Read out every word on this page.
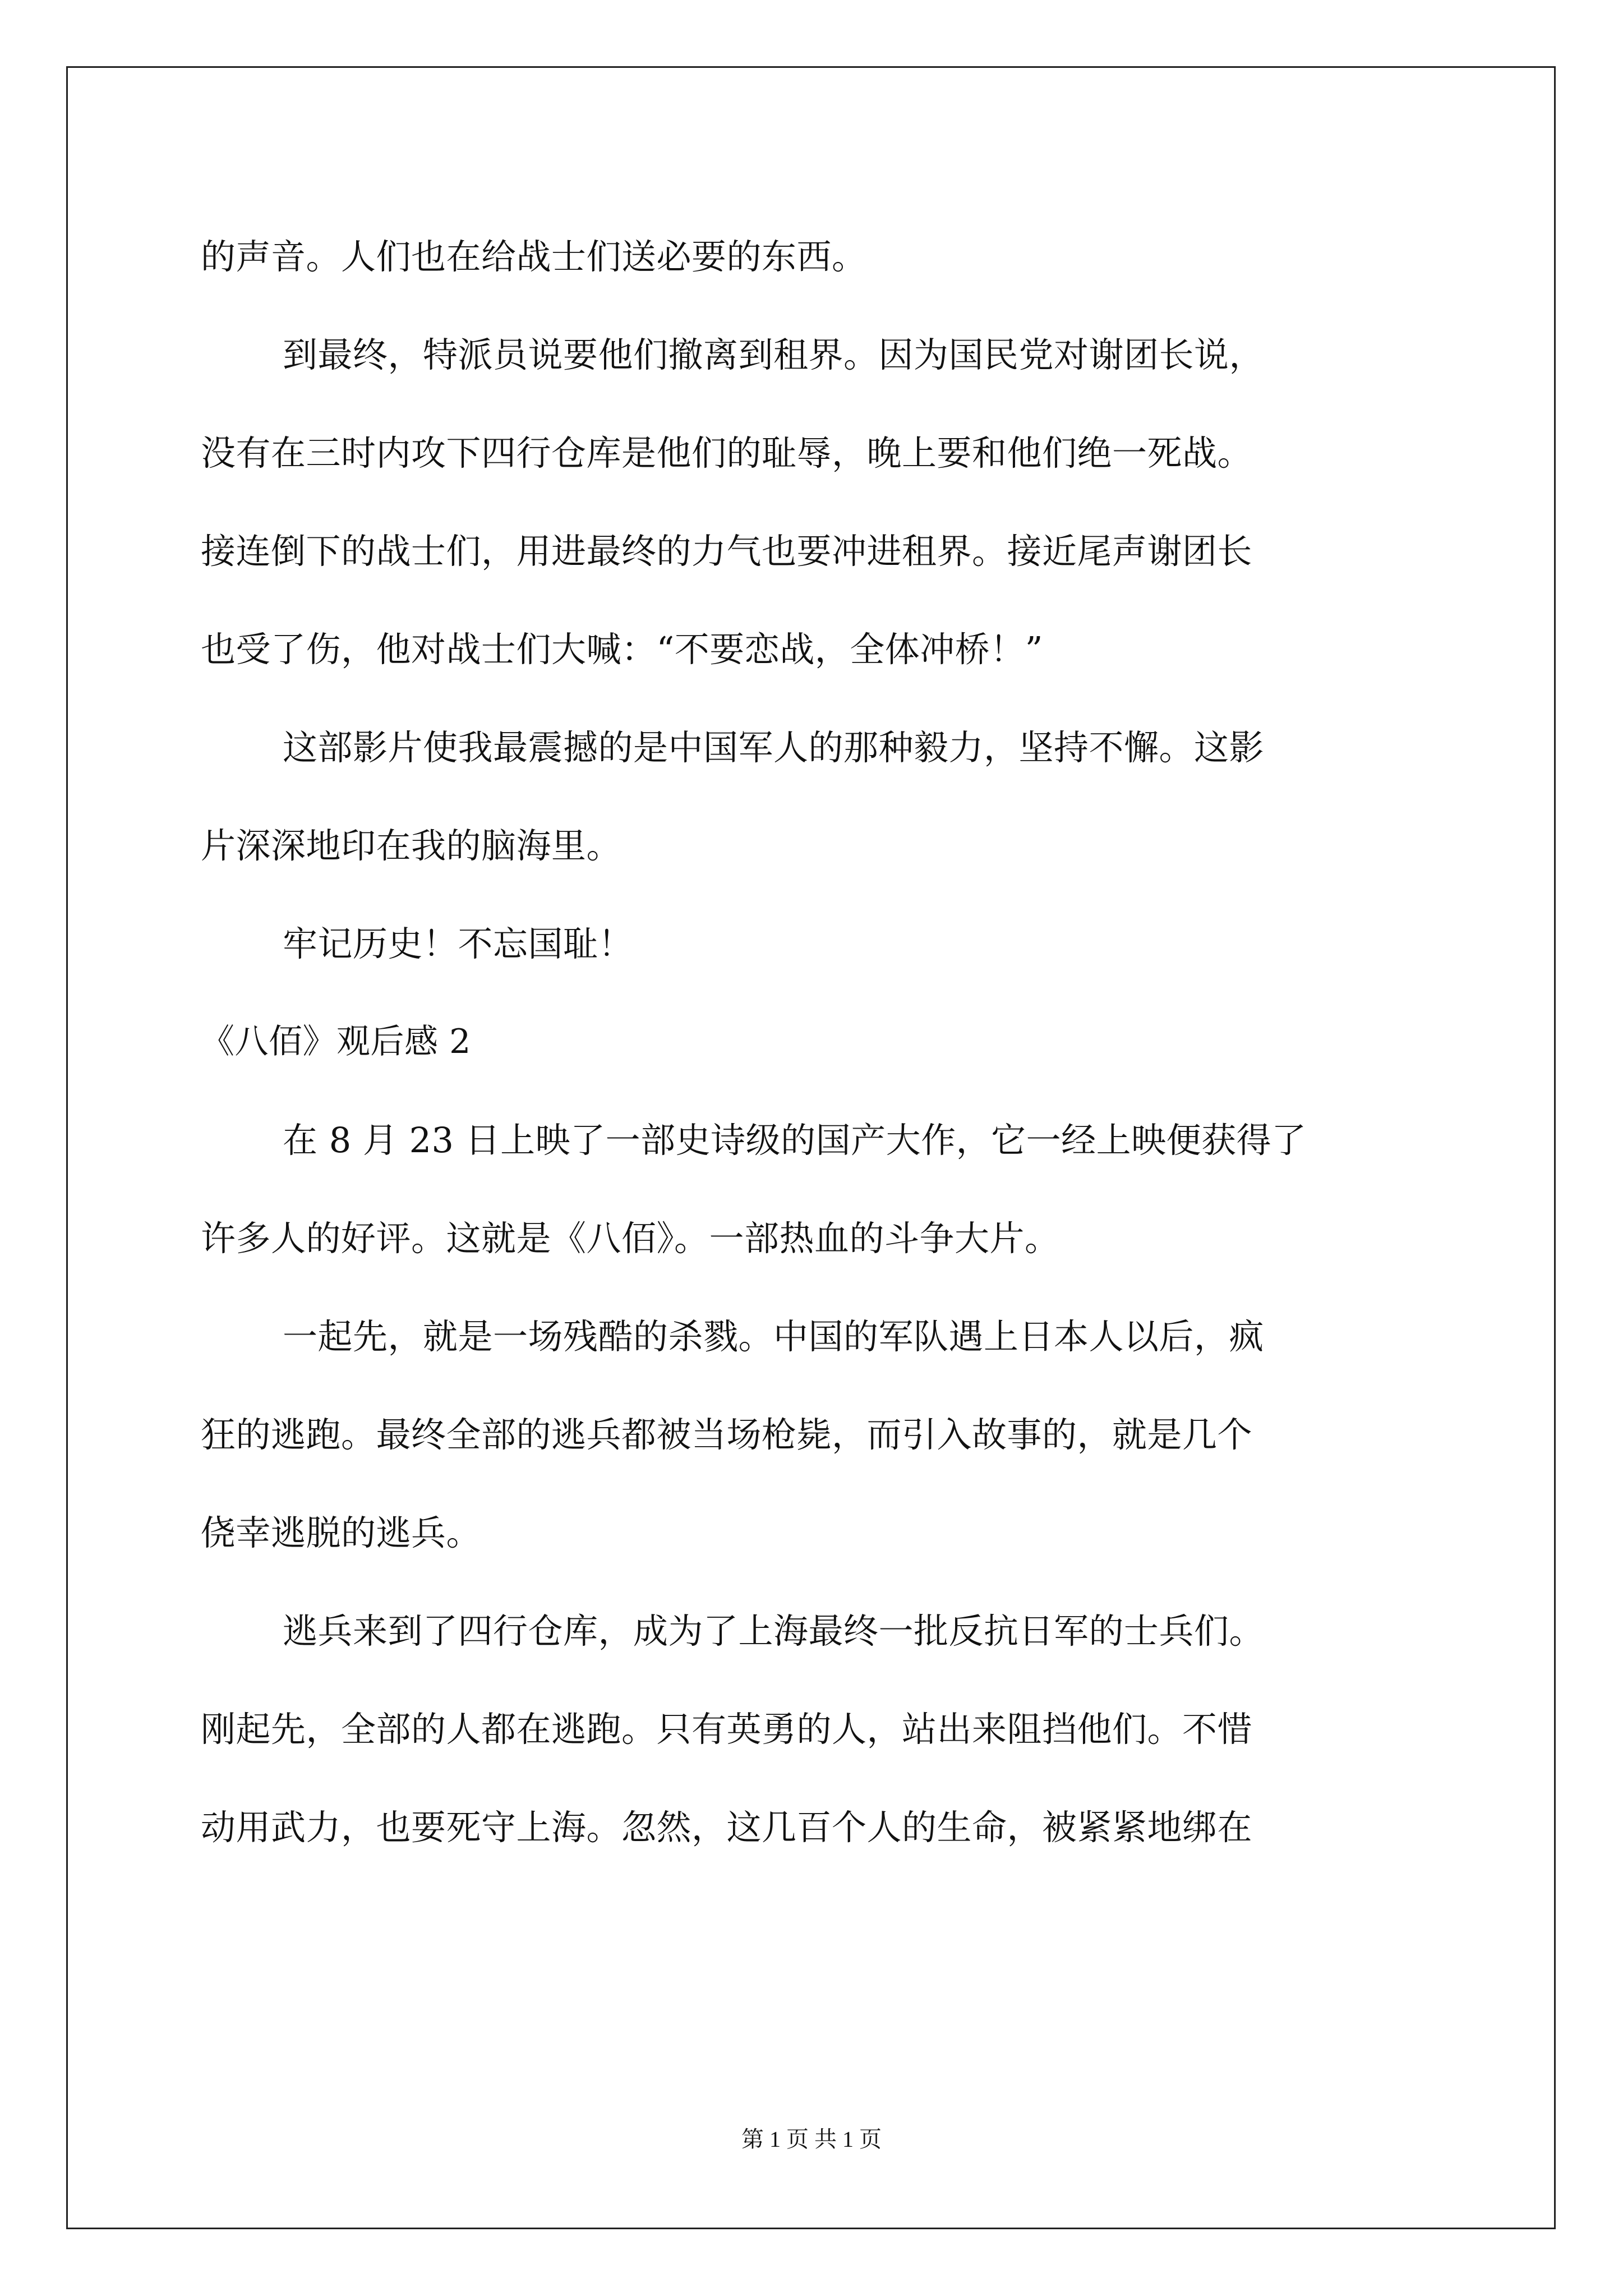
的声音。人们也在给战士们送必要的东西。
到最终，特派员说要他们撤离到租界。因为国民党对谢团长说，
没有在三时内攻下四行仓库是他们的耻辱，晚上要和他们绝一死战。
接连倒下的战士们，用进最终的力气也要冲进租界。接近尾声谢团长
也受了伤，他对战士们大喊：“不要恋战，全体冲桥！”
这部影片使我最震撼的是中国军人的那种毅力，坚持不懈。这影
片深深地印在我的脑海里。
牢记历史！不忘国耻！
《八佰》观后感 2
在 8 月 23 日上映了一部史诗级的国产大作，它一经上映便获得了
许多人的好评。这就是《八佰》。一部热血的斗争大片。
一起先，就是一场残酷的杀戮。中国的军队遇上日本人以后，疯
狂的逃跑。最终全部的逃兵都被当场枪毙，而引入故事的，就是几个
侥幸逃脱的逃兵。
逃兵来到了四行仓库，成为了上海最终一批反抗日军的士兵们。
刚起先，全部的人都在逃跑。只有英勇的人，站出来阻挡他们。不惜
动用武力，也要死守上海。忽然，这几百个人的生命，被紧紧地绑在
第 1 页 共 1 页
